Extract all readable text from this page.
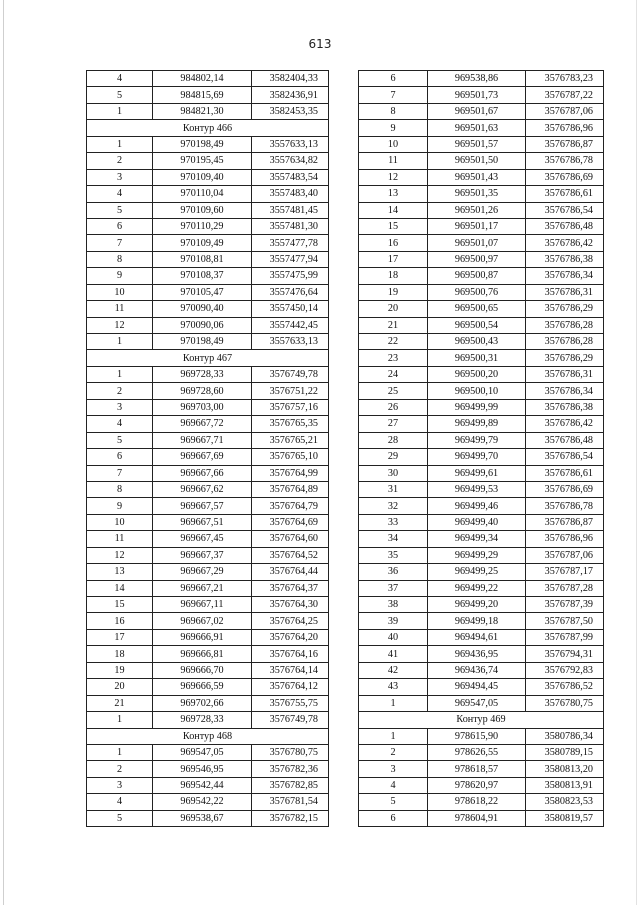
613
4	984802,14	3582404,33
5	984815,69	3582436,91
1	984821,30	3582453,35
Контур 466		
1	970198,49	3557633,13
2	970195,45	3557634,82
3	970109,40	3557483,54
4	970110,04	3557483,40
5	970109,60	3557481,45
6	970110,29	3557481,30
7	970109,49	3557477,78
8	970108,81	3557477,94
9	970108,37	3557475,99
10	970105,47	3557476,64
11	970090,40	3557450,14
12	970090,06	3557442,45
1	970198,49	3557633,13
Контур 467		
1	969728,33	3576749,78
2	969728,60	3576751,22
3	969703,00	3576757,16
4	969667,72	3576765,35
5	969667,71	3576765,21
6	969667,69	3576765,10
7	969667,66	3576764,99
8	969667,62	3576764,89
9	969667,57	3576764,79
10	969667,51	3576764,69
11	969667,45	3576764,60
12	969667,37	3576764,52
13	969667,29	3576764,44
14	969667,21	3576764,37
15	969667,11	3576764,30
16	969667,02	3576764,25
17	969666,91	3576764,20
18	969666,81	3576764,16
19	969666,70	3576764,14
20	969666,59	3576764,12
21	969702,66	3576755,75
1	969728,33	3576749,78
Контур 468		
1	969547,05	3576780,75
2	969546,95	3576782,36
3	969542,44	3576782,85
4	969542,22	3576781,54
5	969538,67	3576782,15
6	969538,86	3576783,23
7	969501,73	3576787,22
8	969501,67	3576787,06
9	969501,63	3576786,96
10	969501,57	3576786,87
11	969501,50	3576786,78
12	969501,43	3576786,69
13	969501,35	3576786,61
14	969501,26	3576786,54
15	969501,17	3576786,48
16	969501,07	3576786,42
17	969500,97	3576786,38
18	969500,87	3576786,34
19	969500,76	3576786,31
20	969500,65	3576786,29
21	969500,54	3576786,28
22	969500,43	3576786,28
23	969500,31	3576786,29
24	969500,20	3576786,31
25	969500,10	3576786,34
26	969499,99	3576786,38
27	969499,89	3576786,42
28	969499,79	3576786,48
29	969499,70	3576786,54
30	969499,61	3576786,61
31	969499,53	3576786,69
32	969499,46	3576786,78
33	969499,40	3576786,87
34	969499,34	3576786,96
35	969499,29	3576787,06
36	969499,25	3576787,17
37	969499,22	3576787,28
38	969499,20	3576787,39
39	969499,18	3576787,50
40	969494,61	3576787,99
41	969436,95	3576794,31
42	969436,74	3576792,83
43	969494,45	3576786,52
1	969547,05	3576780,75
Контур 469		
1	978615,90	3580786,34
2	978626,55	3580789,15
3	978618,57	3580813,20
4	978620,97	3580813,91
5	978618,22	3580823,53
6	978604,91	3580819,57
